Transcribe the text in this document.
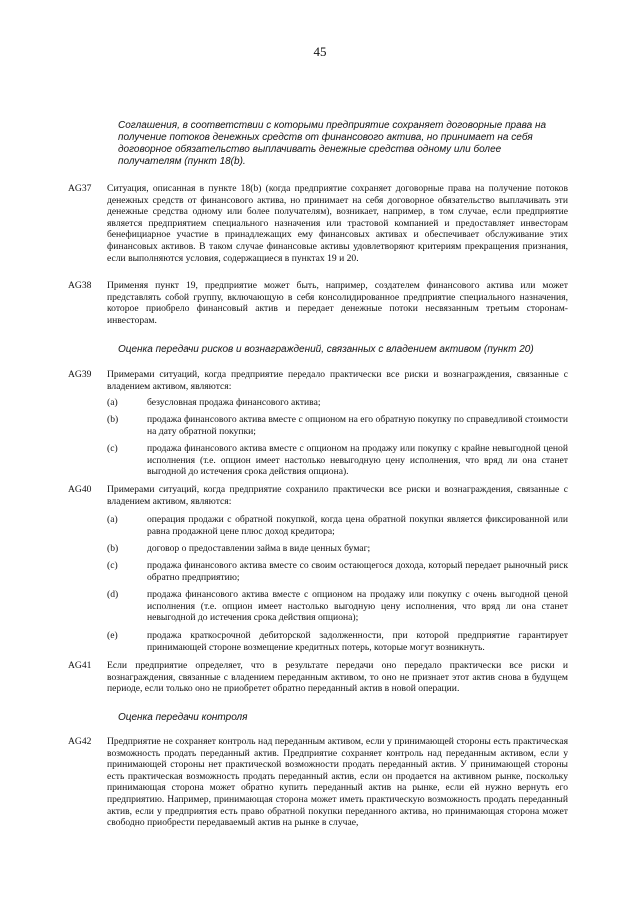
45
Соглашения, в соответствии с которыми предприятие сохраняет договорные права на получение потоков денежных средств от финансового актива, но принимает на себя договорное обязательство выплачивать денежные средства одному или более получателям (пункт 18(b).
AG37 Ситуация, описанная в пункте 18(b) (когда предприятие сохраняет договорные права на получение потоков денежных средств от финансового актива, но принимает на себя договорное обязательство выплачивать эти денежные средства одному или более получателям), возникает, например, в том случае, если предприятие является предприятием специального назначения или трастовой компанией и предоставляет инвесторам бенефициарное участие в принадлежащих ему финансовых активах и обеспечивает обслуживание этих финансовых активов. В таком случае финансовые активы удовлетворяют критериям прекращения признания, если выполняются условия, содержащиеся в пунктах 19 и 20.
AG38 Применяя пункт 19, предприятие может быть, например, создателем финансового актива или может представлять собой группу, включающую в себя консолидированное предприятие специального назначения, которое приобрело финансовый актив и передает денежные потоки несвязанным третьим сторонам-инвесторам.
Оценка передачи рисков и вознаграждений, связанных с владением активом (пункт 20)
AG39 Примерами ситуаций, когда предприятие передало практически все риски и вознаграждения, связанные с владением активом, являются:
(a)	безусловная продажа финансового актива;
(b)	продажа финансового актива вместе с опционом на его обратную покупку по справедливой стоимости на дату обратной покупки;
(c)	продажа финансового актива вместе с опционом на продажу или покупку с крайне невыгодной ценой исполнения (т.е. опцион имеет настолько невыгодную цену исполнения, что вряд ли она станет выгодной до истечения срока действия опциона).
AG40 Примерами ситуаций, когда предприятие сохранило практически все риски и вознаграждения, связанные с владением активом, являются:
(a)	операция продажи с обратной покупкой, когда цена обратной покупки является фиксированной или равна продажной цене плюс доход кредитора;
(b)	договор о предоставлении займа в виде ценных бумаг;
(c)	продажа финансового актива вместе со своим остающегося дохода, который передает рыночный риск обратно предприятию;
(d)	продажа финансового актива вместе с опционом на продажу или покупку с очень выгодной ценой исполнения (т.е. опцион имеет настолько выгодную цену исполнения, что вряд ли она станет невыгодной до истечения срока действия опциона);
(e)	продажа краткосрочной дебиторской задолженности, при которой предприятие гарантирует принимающей стороне возмещение кредитных потерь, которые могут возникнуть.
AG41 Если предприятие определяет, что в результате передачи оно передало практически все риски и вознаграждения, связанные с владением переданным активом, то оно не признает этот актив снова в будущем периоде, если только оно не приобретет обратно переданный актив в новой операции.
Оценка передачи контроля
AG42 Предприятие не сохраняет контроль над переданным активом, если у принимающей стороны есть практическая возможность продать переданный актив. Предприятие сохраняет контроль над переданным активом, если у принимающей стороны нет практической возможности продать переданный актив. У принимающей стороны есть практическая возможность продать переданный актив, если он продается на активном рынке, поскольку принимающая сторона может обратно купить переданный актив на рынке, если ей нужно вернуть его предприятию. Например, принимающая сторона может иметь практическую возможность продать переданный актив, если у предприятия есть право обратной покупки переданного актива, но принимающая сторона может свободно приобрести передаваемый актив на рынке в случае,
